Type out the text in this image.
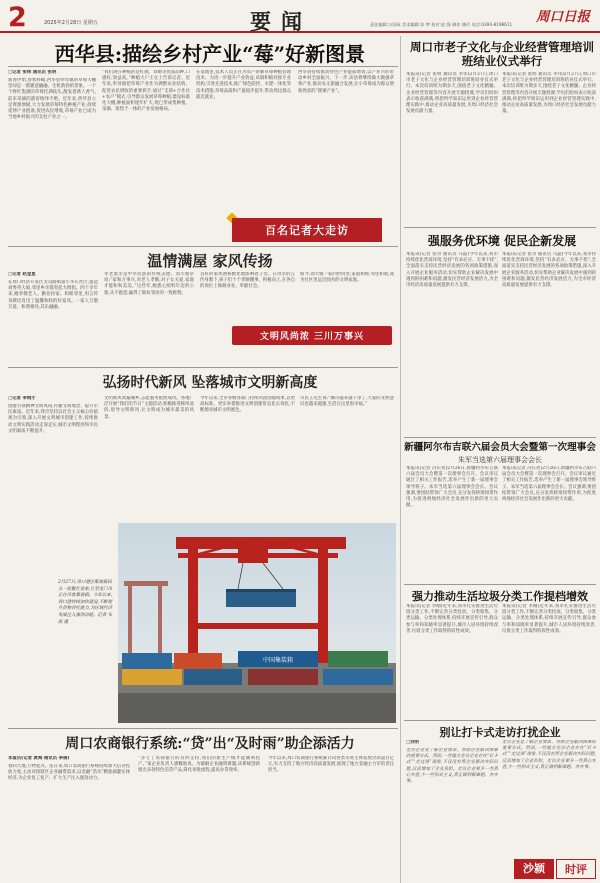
2	2025年2月28日 星期五	要闻	责任编辑:万国成 美术编辑:张 梦 校对:赵 强 制作:龚玲 电话:0394-8198611 周口日报
西华县:描绘乡村产业“莓”好新图景
□记者 张纬 通讯员 张明
新春伊始,春寒料峭,西华县奉母镇的草莓大棚里却是一派暖意融融、生机勃勃的景象。一个个鲜红饱满的草莓挂满枝头,散发着诱人香气,前来采摘的游客络绎不绝。近年来,西华县立足资源禀赋,大力发展草莓特色种植产业,持续延伸产业链条,促进农民增收,草莓产业已成为当地乡村振兴的支柱产业之一。
“我们现在种植的是红颜、章姬等优质品种,口感好,效益高。”种植大户王女士告诉记者。近年来,奉母镇把草莓产业作为调整农业结构、促进农民增收的重要抓手,通过“支部+合作社+农户”模式,引导群众发展草莓种植,建设标准化大棚,种植面积逐年扩大,现已形成集种植、采摘、销售于一体的产业发展格局。
在基地里,技术人员正在为农户讲解草莓种植管理技术。为进一步提升产业效益,该镇积极对接专业机构,引进先进技术,推广绿色防控、水肥一体化等技术措施,草莓品质和产量稳步提升,带动周边群众就近就业。
西华县持续推动特色产业提质增效,以产业兴旺带动乡村全面振兴。下一步,该县将继续做大做强草莓产业,推动农文旅融合发展,让小草莓成为群众增收致富的“甜蜜产业”。
百名记者大走访
温情满屋 家风传扬
□记者 赵金星
在周口经济开发区太昊路街道小李庄社区,提起刘秀英大娘,邻里乡亲都竖起大拇指。四十多年来,她孝敬老人、勤俭持家、和睦邻里,用言传身教培育出了温馨和睦的好家风。一家人互敬互爱、和谐相处,其乐融融。
孝老爱亲是中华民族的传统美德。刘大娘常说:“家和万事兴,对老人孝顺,对子女关爱,家庭才能和和美美。”这些年,她悉心照料年迈的公婆,从不抱怨,赢得了街坊邻居的一致称赞。
良好的家风潜移默化地影响着子女。在母亲的言传身教下,孩子们个个孝顺懂事、积极向上,在各自的岗位上兢兢业业、奉献社会。
如今,刘大娘一家四世同堂,家庭和睦,邻里和谐,成为社区里远近闻名的文明家庭。
文明风尚浓 三川万事兴
弘扬时代新风 坠落城市文明新高度
□记者 李纲才
创建引领精神文明风尚,传播文明理念、提升市民素质。近年来,我市坚持以社会主义核心价值观为引领,深入开展文明城市创建工作,持续推动文明实践活动走深走实,城市文明程度和市民文明素质不断提升。
文明新风吹遍城乡,志愿服务蔚然成风。各地广泛开展“我们的节日”主题活动,积极推进移风易俗,倡导文明新风,让文明成为城市最美的风景。
今年以来,全市各级各部门持续巩固创建成果,以更高标准、更实举措推进文明创建常态化长效化,不断擦亮城市文明底色。
市民王先生说:“城市越来越干净了,大家的文明意识也越来越强,生活在这里很幸福。”
中国集装箱
2月27日,周口港区集装箱码头一派繁忙景象,巨型龙门吊正在吊装集装箱。今年以来,周口港持续加快建设,不断提升货物吞吐能力,为区域经济发展注入强劲动能。记者 朱凯 摄
周口农商银行系统:“贷”出“及时雨”助企添活力
本报讯(记者 黄海 通讯员 李倩)
春回大地,万物复苏。连日来,周口农商银行系统持续加大信贷投放力度,主动对接辖区企业融资需求,以金融“活水”精准滴灌实体经济,为企业复工复产、扩大生产注入强劲动力。
“多亏了农商银行的及时支持,我们的新生产线才能顺利投产。”某企业负责人感慨地说。为破解企业融资难题,该系统创新推出多款特色信贷产品,简化审批流程,提高办贷效率。
今年以来,周口农商银行系统累计向各类市场主体发放贷款超百亿元,有力支持了地方经济高质量发展,展现了地方金融主力军的责任担当。
周口市老子文化与企业经营管理培训班结业仪式举行
本报讯(记者 张明 通讯员 李伟)2月27日,周口市老子文化与企业经营管理培训班结业仪式举行。本次培训班为期多天,围绕老子文化精髓、企业经营管理等内容开展专题授课,学员们纷纷表示收获满满,将把所学知识运用到企业经营管理实践中,推动企业高质量发展,为周口经济社会发展贡献力量。
本报讯(记者 张明 通讯员 李伟)2月27日,周口市老子文化与企业经营管理培训班结业仪式举行。本次培训班为期多天,围绕老子文化精髓、企业经营管理等内容开展专题授课,学员们纷纷表示收获满满,将把所学知识运用到企业经营管理实践中,推动企业高质量发展,为周口经济社会发展贡献力量。
强服务优环境 促民企新发展
本报讯(记者 张奇 通讯员 马磊)今年以来,我市持续优化营商环境,坚持“有求必应、无事不扰”,全面落实支持民营经济发展的各项政策措施,深入开展企业服务活动,切实帮助企业解决发展中遇到的困难和问题,激发民营经济发展活力,为全市经济高质量发展提供有力支撑。
本报讯(记者 张奇 通讯员 马磊)今年以来,我市持续优化营商环境,坚持“有求必应、无事不扰”,全面落实支持民营经济发展的各项政策措施,深入开展企业服务活动,切实帮助企业解决发展中遇到的困难和问题,激发民营经济发展活力,为全市经济高质量发展提供有力支撑。
新疆阿尔布吉联六届会员大会暨第一次理事会
朱军当选第六届理事会会长
本报讯(记者 冯长亮)2月26日,新疆阿尔布吉联六届会员大会暨第一次理事会召开。会议审议通过了相关工作报告,选举产生了新一届理事会领导班子。朱军当选第六届理事会会长。会议强调,要团结带领广大会员,充分发挥桥梁纽带作用,为促进两地经济社会发展作出新的更大贡献。
本报讯(记者 冯长亮)2月26日,新疆阿尔布吉联六届会员大会暨第一次理事会召开。会议审议通过了相关工作报告,选举产生了新一届理事会领导班子。朱军当选第六届理事会会长。会议强调,要团结带领广大会员,充分发挥桥梁纽带作用,为促进两地经济社会发展作出新的更大贡献。
强力推动生活垃圾分类工作提档增效
本报讯(记者 李刚)近年来,我市扎实推进生活垃圾分类工作,不断完善分类投放、分类收集、分类运输、分类处理体系,持续开展宣传引导,群众参与率和知晓率显著提升,城市人居环境持续改善,垃圾分类工作取得阶段性成效。
本报讯(记者 李刚)近年来,我市扎实推进生活垃圾分类工作,不断完善分类投放、分类收集、分类运输、分类处理体系,持续开展宣传引导,群众参与率和知晓率显著提升,城市人居环境持续改善,垃圾分类工作取得阶段性成效。
别让打卡式走访打扰企业
□刘明
走访企业是了解企业需求、帮助企业解决困难的重要方式。然而,一些地方走访企业存在“打卡式”“走过场”现象,不仅没有帮企业解决实际问题,反而增加了企业负担。走访企业要多一些真心实意,少一些形式主义,真正做到解难题、办实事。
走访企业是了解企业需求、帮助企业解决困难的重要方式。然而,一些地方走访企业存在“打卡式”“走过场”现象,不仅没有帮企业解决实际问题,反而增加了企业负担。走访企业要多一些真心实意,少一些形式主义,真正做到解难题、办实事。
沙颍	时评
